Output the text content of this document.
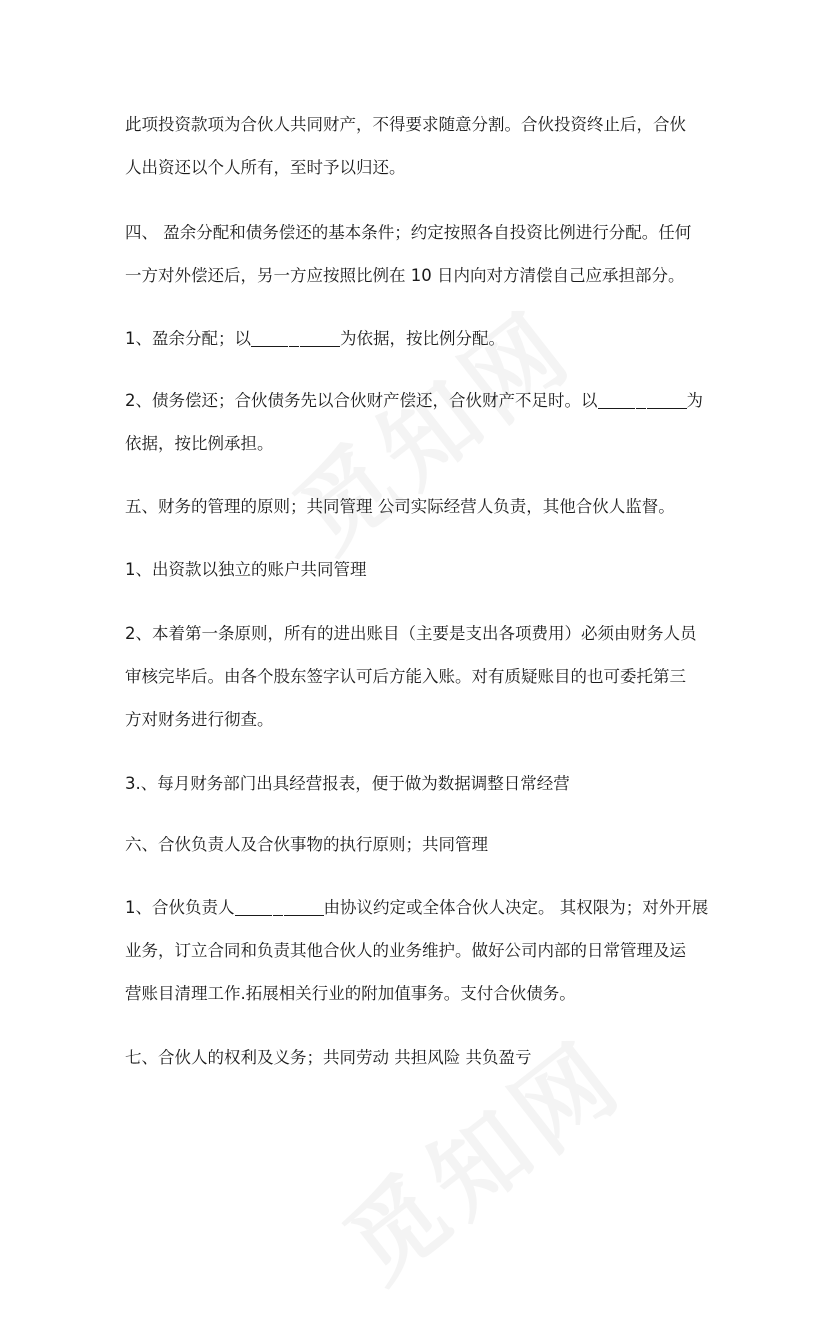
此项投资款项为合伙人共同财产，不得要求随意分割。合伙投资终止后，合伙
人出资还以个人所有，至时予以归还。
四、 盈余分配和债务偿还的基本条件；约定按照各自投资比例进行分配。任何
一方对外偿还后，另一方应按照比例在 10 日内向对方清偿自己应承担部分。
1、盈余分配；以	为依据，按比例分配。
2、债务偿还；合伙债务先以合伙财产偿还，合伙财产不足时。以	为
依据，按比例承担。
五、财务的管理的原则；共同管理 公司实际经营人负责，其他合伙人监督。
1、出资款以独立的账户共同管理
2、本着第一条原则，所有的进出账目（主要是支出各项费用）必须由财务人员
审核完毕后。由各个股东签字认可后方能入账。对有质疑账目的也可委托第三
方对财务进行彻查。
3.、每月财务部门出具经营报表，便于做为数据调整日常经营
六、合伙负责人及合伙事物的执行原则；共同管理
1、合伙负责人	由协议约定或全体合伙人决定。 其权限为；对外开展
业务，订立合同和负责其他合伙人的业务维护。做好公司内部的日常管理及运
营账目清理工作.拓展相关行业的附加值事务。支付合伙债务。
七、合伙人的权利及义务；共同劳动 共担风险 共负盈亏
